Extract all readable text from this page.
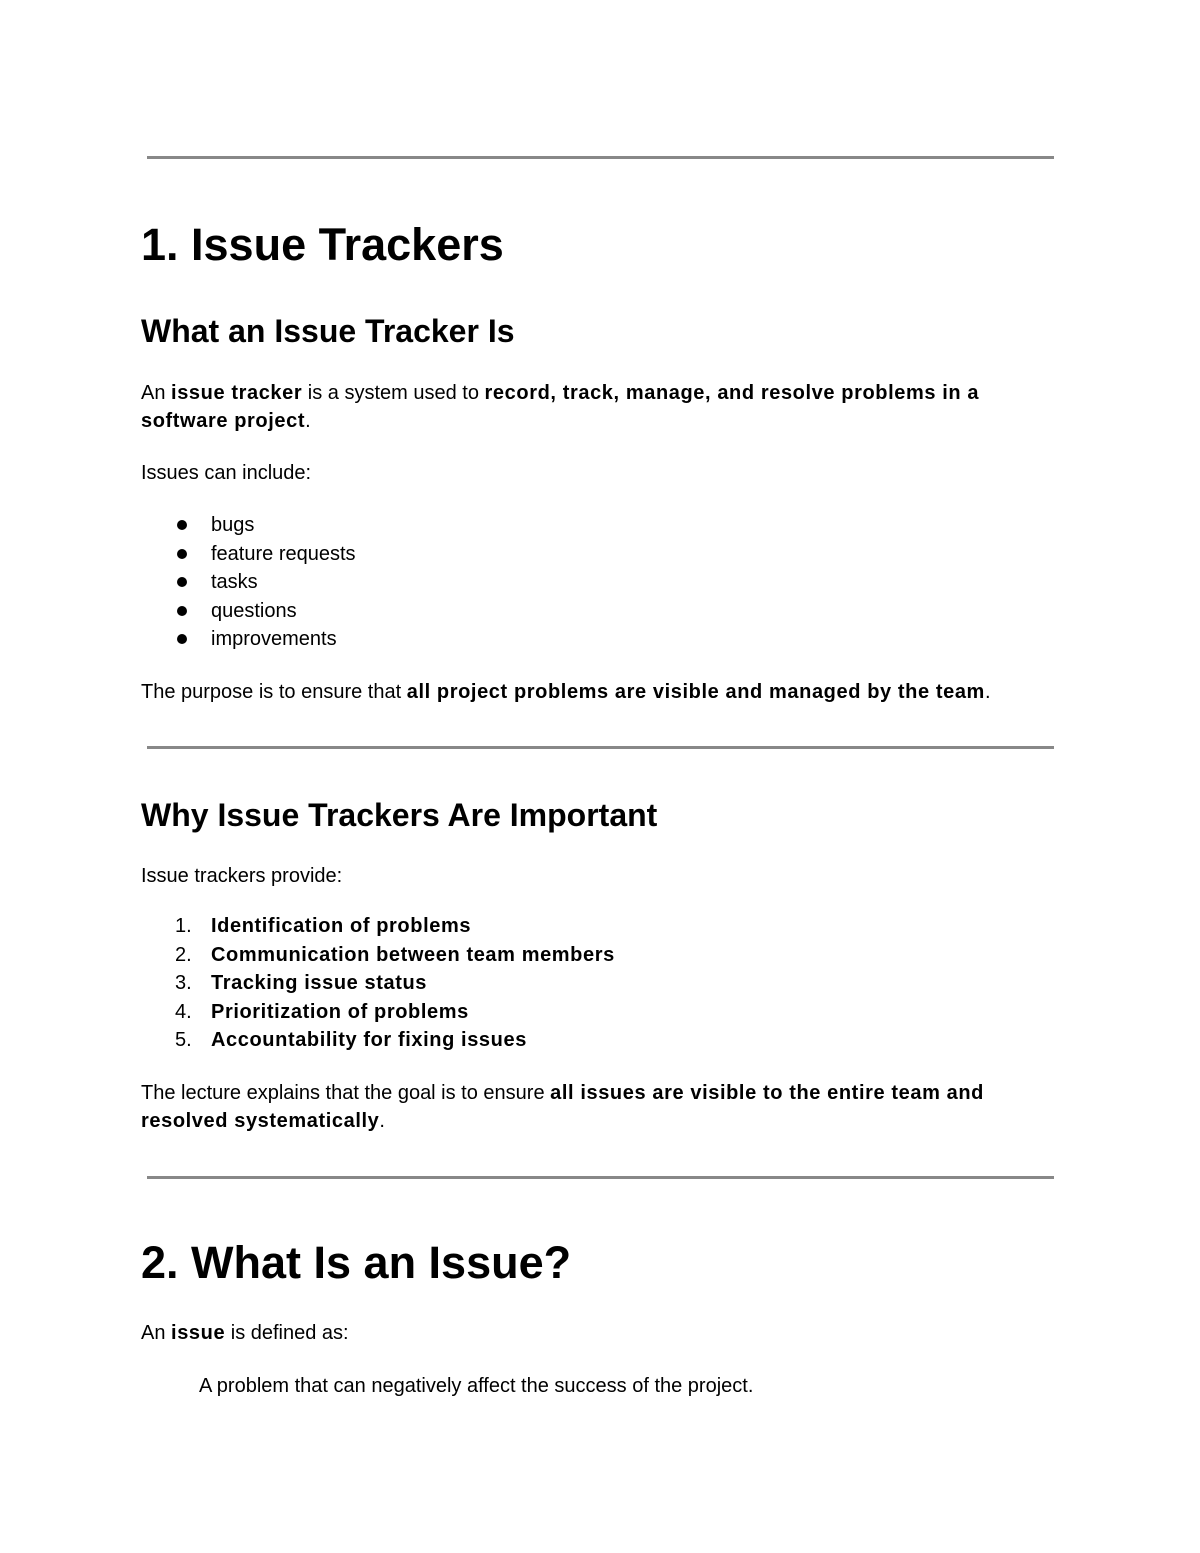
1. Issue Trackers
What an Issue Tracker Is

An issue tracker is a system used to record, track, manage, and resolve problems in a

software project.

Issues can include:

bugs
feature requests
tasks
questions
improvements

The purpose is to ensure that all project problems are visible and managed by the team.

Why Issue Trackers Are Important

Issue trackers provide:

1. Identification of problems
2. Communication between team members
3. Tracking issue status
4. Prioritization of problems
5. Accountability for fixing issues

The lecture explains that the goal is to ensure all issues are visible to the entire team and

resolved systematically.

2. What Is an Issue?

An issue is defined as:

A problem that can negatively affect the success of the project.
